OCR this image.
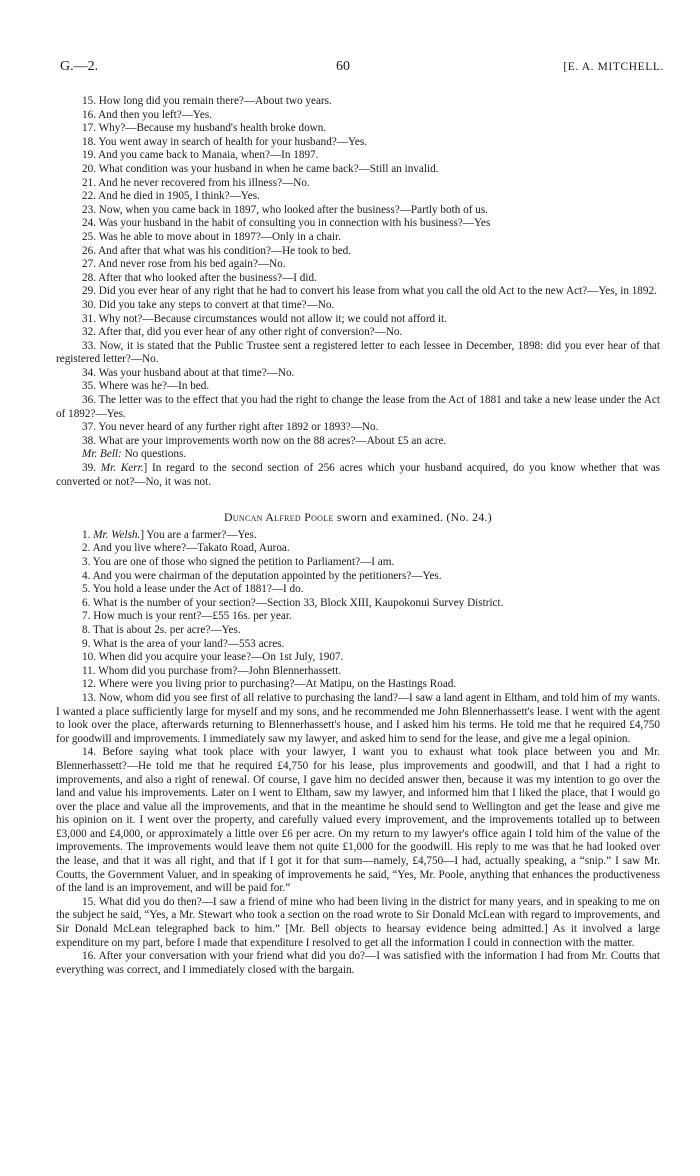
G.—2.	60	[E. A. MITCHELL.

15. How long did you remain there?—About two years.

16. And then you left?—Yes.

17. Why?—Because my husband's health broke down.

18. You went away in search of health for your husband?—Yes.

19. And you came back to Manaia, when?—In 1897.

20. What condition was your husband in when he came back?—Still an invalid.

21. And he never recovered from his illness?—No.

22. And he died in 1905, I think?—Yes.

23. Now, when you came back in 1897, who looked after the business?—Partly both of us.

24. Was your husband in the habit of consulting you in connection with his business?—Yes

25. Was he able to move about in 1897?—Only in a chair.

26. And after that what was his condition?—He took to bed.

27. And never rose from his bed again?—No.

28. After that who looked after the business?—I did.

29. Did you ever hear of any right that he had to convert his lease from what you call the old Act to the new Act?—Yes, in 1892.

30. Did you take any steps to convert at that time?—No.

31. Why not?—Because circumstances would not allow it; we could not afford it.

32. After that, did you ever hear of any other right of conversion?—No.

33. Now, it is stated that the Public Trustee sent a registered letter to each lessee in December, 1898: did you ever hear of that registered letter?—No.

34. Was your husband about at that time?—No.

35. Where was he?—In bed.

36. The letter was to the effect that you had the right to change the lease from the Act of 1881 and take a new lease under the Act of 1892?—Yes.

37. You never heard of any further right after 1892 or 1893?—No.

38. What are your improvements worth now on the 88 acres?—About £5 an acre.

Mr. Bell: No questions.

39. Mr. Kerr.] In regard to the second section of 256 acres which your husband acquired, do you know whether that was converted or not?—No, it was not.

Duncan Alfred Poole sworn and examined. (No. 24.)

1. Mr. Welsh.] You are a farmer?—Yes.

2. And you live where?—Takato Road, Auroa.

3. You are one of those who signed the petition to Parliament?—I am.

4. And you were chairman of the deputation appointed by the petitioners?—Yes.

5. You hold a lease under the Act of 1881?—I do.

6. What is the number of your section?—Section 33, Block XIII, Kaupokonui Survey District.

7. How much is your rent?—£55 16s. per year.

8. That is about 2s. per acre?—Yes.

9. What is the area of your land?—553 acres.

10. When did you acquire your lease?—On 1st July, 1907.

11. Whom did you purchase from?—John Blennerhassett.

12. Where were you living prior to purchasing?—At Matipu, on the Hastings Road.

13. Now, whom did you see first of all relative to purchasing the land?—I saw a land agent in Eltham, and told him of my wants. I wanted a place sufficiently large for myself and my sons, and he recommended me John Blennerhassett's lease. I went with the agent to look over the place, afterwards returning to Blennerhassett's house, and I asked him his terms. He told me that he required £4,750 for goodwill and improvements. I immediately saw my lawyer, and asked him to send for the lease, and give me a legal opinion.

14. Before saying what took place with your lawyer, I want you to exhaust what took place between you and Mr. Blennerhassett?—He told me that he required £4,750 for his lease, plus improvements and goodwill, and that I had a right to improvements, and also a right of renewal. Of course, I gave him no decided answer then, because it was my intention to go over the land and value his improvements. Later on I went to Eltham, saw my lawyer, and informed him that I liked the place, that I would go over the place and value all the improvements, and that in the meantime he should send to Wellington and get the lease and give me his opinion on it. I went over the property, and carefully valued every improvement, and the improvements totalled up to between £3,000 and £4,000, or approximately a little over £6 per acre. On my return to my lawyer's office again I told him of the value of the improvements. The improvements would leave them not quite £1,000 for the goodwill. His reply to me was that he had looked over the lease, and that it was all right, and that if I got it for that sum—namely, £4,750—I had, actually speaking, a “snip.” I saw Mr. Coutts, the Government Valuer, and in speaking of improvements he said, “Yes, Mr. Poole, anything that enhances the productiveness of the land is an improvement, and will be paid for.”

15. What did you do then?—I saw a friend of mine who had been living in the district for many years, and in speaking to me on the subject he said, “Yes, a Mr. Stewart who took a section on the road wrote to Sir Donald McLean with regard to improvements, and Sir Donald McLean telegraphed back to him.” [Mr. Bell objects to hearsay evidence being admitted.] As it involved a large expenditure on my part, before I made that expenditure I resolved to get all the information I could in connection with the matter.

16. After your conversation with your friend what did you do?—I was satisfied with the information I had from Mr. Coutts that everything was correct, and I immediately closed with the bargain.
